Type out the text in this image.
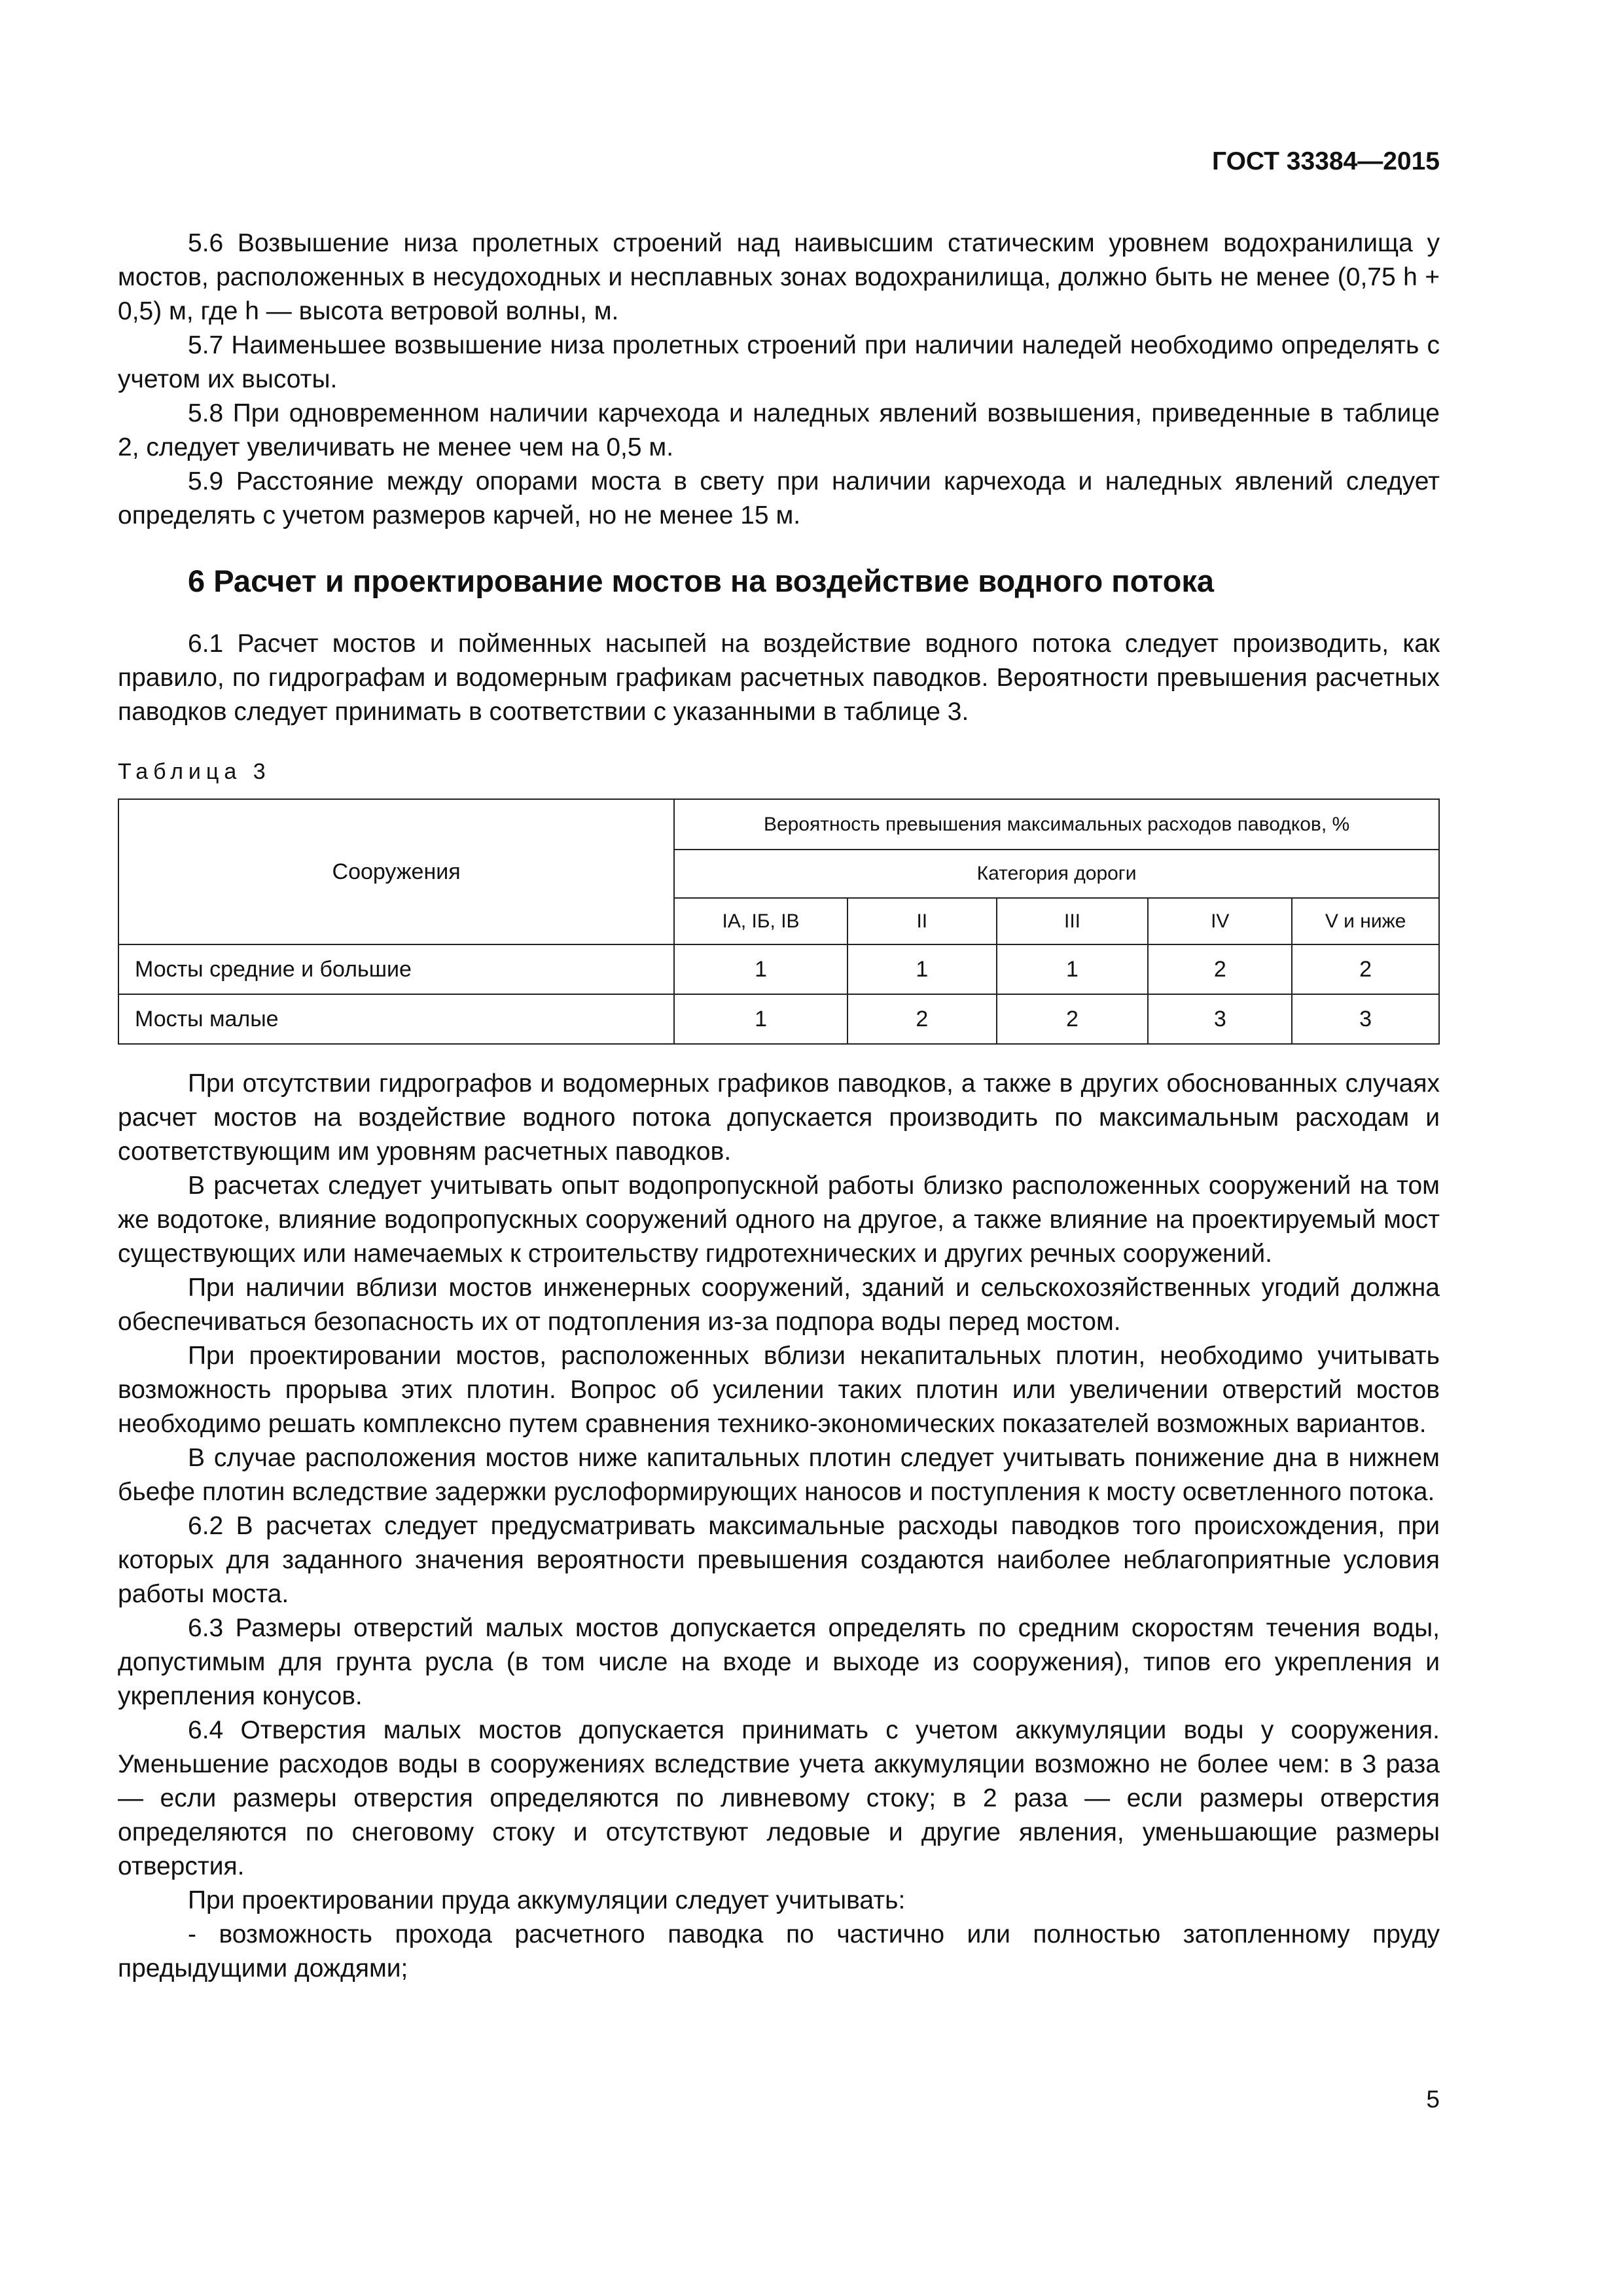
ГОСТ 33384—2015

5.6 Возвышение низа пролетных строений над наивысшим статическим уровнем водохранилища у мостов, расположенных в несудоходных и несплавных зонах водохранилища, должно быть не менее (0,75 h + 0,5) м, где h — высота ветровой волны, м.

5.7 Наименьшее возвышение низа пролетных строений при наличии наледей необходимо определять с учетом их высоты.

5.8 При одновременном наличии карчехода и наледных явлений возвышения, приведенные в таблице 2, следует увеличивать не менее чем на 0,5 м.

5.9 Расстояние между опорами моста в свету при наличии карчехода и наледных явлений следует определять с учетом размеров карчей, но не менее 15 м.

6 Расчет и проектирование мостов на воздействие водного потока

6.1 Расчет мостов и пойменных насыпей на воздействие водного потока следует производить, как правило, по гидрографам и водомерным графикам расчетных паводков. Вероятности превышения расчетных паводков следует принимать в соответствии с указанными в таблице 3.

Таблица 3
Сооружения	Вероятность превышения максимальных расходов паводков, %				
	Категория дороги				
	IA, IБ, IB	II	III	IV	V и ниже
Мосты средние и большие	1	1	1	2	2
Мосты малые	1	2	2	3	3

При отсутствии гидрографов и водомерных графиков паводков, а также в других обоснованных случаях расчет мостов на воздействие водного потока допускается производить по максимальным расходам и соответствующим им уровням расчетных паводков.

В расчетах следует учитывать опыт водопропускной работы близко расположенных сооружений на том же водотоке, влияние водопропускных сооружений одного на другое, а также влияние на проектируемый мост существующих или намечаемых к строительству гидротехнических и других речных сооружений.

При наличии вблизи мостов инженерных сооружений, зданий и сельскохозяйственных угодий должна обеспечиваться безопасность их от подтопления из-за подпора воды перед мостом.

При проектировании мостов, расположенных вблизи некапитальных плотин, необходимо учитывать возможность прорыва этих плотин. Вопрос об усилении таких плотин или увеличении отверстий мостов необходимо решать комплексно путем сравнения технико-экономических показателей возможных вариантов.

В случае расположения мостов ниже капитальных плотин следует учитывать понижение дна в нижнем бьефе плотин вследствие задержки руслоформирующих наносов и поступления к мосту осветленного потока.

6.2 В расчетах следует предусматривать максимальные расходы паводков того происхождения, при которых для заданного значения вероятности превышения создаются наиболее неблагоприятные условия работы моста.

6.3 Размеры отверстий малых мостов допускается определять по средним скоростям течения воды, допустимым для грунта русла (в том числе на входе и выходе из сооружения), типов его укрепления и укрепления конусов.

6.4 Отверстия малых мостов допускается принимать с учетом аккумуляции воды у сооружения. Уменьшение расходов воды в сооружениях вследствие учета аккумуляции возможно не более чем: в 3 раза — если размеры отверстия определяются по ливневому стоку; в 2 раза — если размеры отверстия определяются по снеговому стоку и отсутствуют ледовые и другие явления, уменьшающие размеры отверстия.

При проектировании пруда аккумуляции следует учитывать:

- возможность прохода расчетного паводка по частично или полностью затопленному пруду предыдущими дождями;

5
